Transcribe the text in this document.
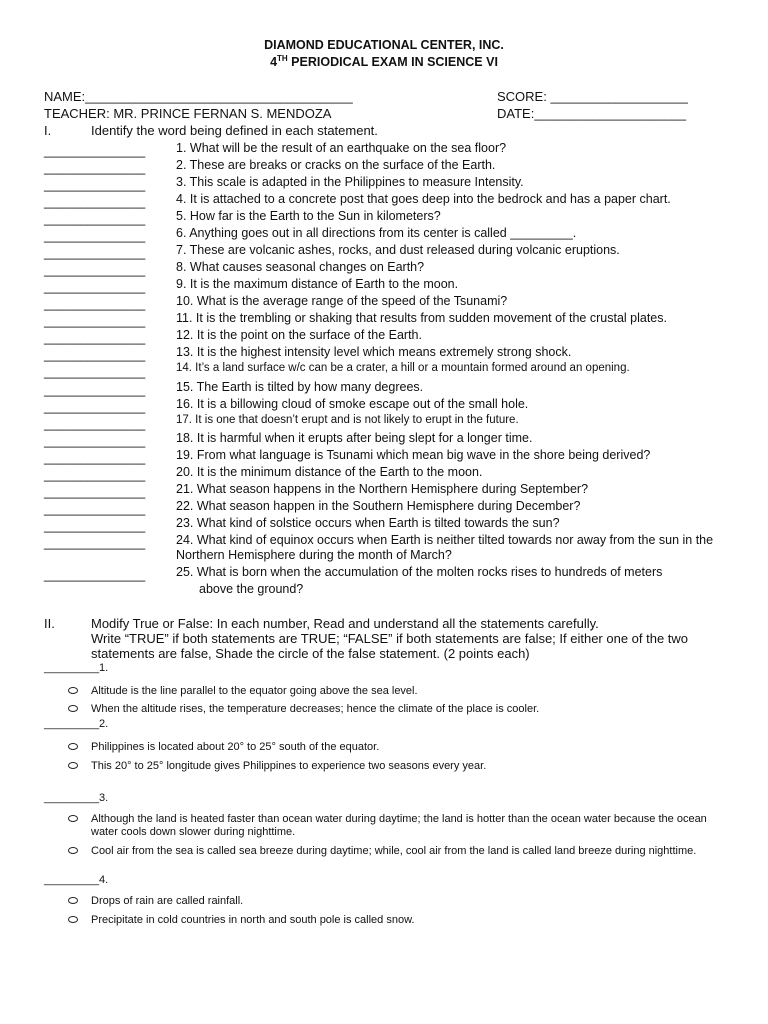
DIAMOND EDUCATIONAL CENTER, INC.
4TH PERIODICAL EXAM IN SCIENCE VI
NAME:_____________________________________	SCORE: ___________________
TEACHER: MR. PRINCE FERNAN S. MENDOZA	DATE:_____________________
I.	Identify the word being defined in each statement.
______________ 1. What will be the result of an earthquake on the sea floor?
______________ 2. These are breaks or cracks on the surface of the Earth.
______________ 3. This scale is adapted in the Philippines to measure Intensity.
______________ 4. It is attached to a concrete post that goes deep into the bedrock and has a paper chart.
______________ 5. How far is the Earth to the Sun in kilometers?
______________ 6. Anything goes out in all directions from its center is called _________.
______________ 7. These are volcanic ashes, rocks, and dust released during volcanic eruptions.
______________ 8. What causes seasonal changes on Earth?
______________ 9. It is the maximum distance of Earth to the moon.
______________ 10. What is the average range of the speed of the Tsunami?
______________ 11. It is the trembling or shaking that results from sudden movement of the crustal plates.
______________ 12. It is the point on the surface of the Earth.
______________ 13. It is the highest intensity level which means extremely strong shock.
______________	14. It’s a land surface w/c can be a crater, a hill or a mountain formed around an opening.
______________ 15. The Earth is tilted by how many degrees.
______________ 16. It is a billowing cloud of smoke escape out of the small hole.
______________	17. It is one that doesn’t erupt and is not likely to erupt in the future.
______________ 18. It is harmful when it erupts after being slept for a longer time.
______________ 19. From what language is Tsunami which mean big wave in the shore being derived?
______________ 20. It is the minimum distance of the Earth to the moon.
______________ 21. What season happens in the Northern Hemisphere during September?
______________ 22. What season happen in the Southern Hemisphere during December?
______________ 23. What kind of solstice occurs when Earth is tilted towards the sun?
______________ 24. What kind of equinox occurs when Earth is neither tilted towards nor away from the sun in the Northern Hemisphere during the month of March?
______________ 25. What is born when the accumulation of the molten rocks rises to hundreds of meters
above the ground?
II.	Modify True or False: In each number, Read and understand all the statements carefully.
Write “TRUE” if both statements are TRUE; “FALSE” if both statements are false; If either one of the two statements are false, Shade the circle of the false statement. (2 points each)
_________1.
Altitude is the line parallel to the equator going above the sea level.
When the altitude rises, the temperature decreases; hence the climate of the place is cooler.
_________2.
Philippines is located about 20° to 25° south of the equator.
This 20° to 25° longitude gives Philippines to experience two seasons every year.
_________3.
Although the land is heated faster than ocean water during daytime; the land is hotter than the ocean water because the ocean water cools down slower during nighttime.
Cool air from the sea is called sea breeze during daytime; while, cool air from the land is called land breeze during nighttime.
_________4.
Drops of rain are called rainfall.
Precipitate in cold countries in north and south pole is called snow.
